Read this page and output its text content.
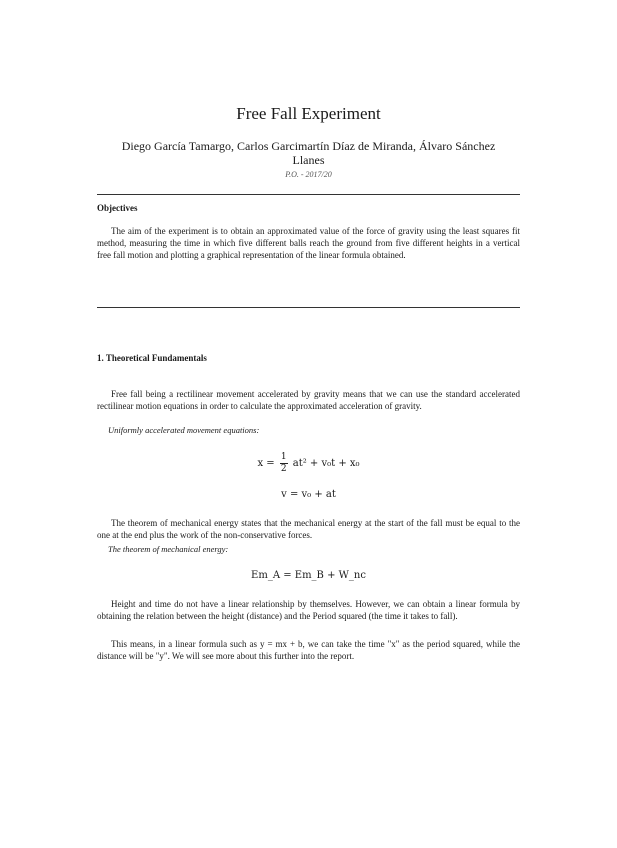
Free Fall Experiment
Diego García Tamargo, Carlos Garcimartín Díaz de Miranda, Álvaro Sánchez Llanes
P.O. - 2017/20
Objectives
The aim of the experiment is to obtain an approximated value of the force of gravity using the least squares fit method, measuring the time in which five different balls reach the ground from five different heights in a vertical free fall motion and plotting a graphical representation of the linear formula obtained.
1. Theoretical Fundamentals
Free fall being a rectilinear movement accelerated by gravity means that we can use the standard accelerated rectilinear motion equations in order to calculate the approximated acceleration of gravity.
Uniformly accelerated movement equations:
$x = \frac{1}{2} at^2 + v_0t + x_0$
v = v₀ + at
The theorem of mechanical energy states that the mechanical energy at the start of the fall must be equal to the one at the end plus the work of the non-conservative forces.
The theorem of mechanical energy:
Em_A = Em_B + W_nc
Height and time do not have a linear relationship by themselves. However, we can obtain a linear formula by obtaining the relation between the height (distance) and the Period squared (the time it takes to fall).
This means, in a linear formula such as y = mx + b, we can take the time "x" as the period squared, while the distance will be "y". We will see more about this further into the report.
